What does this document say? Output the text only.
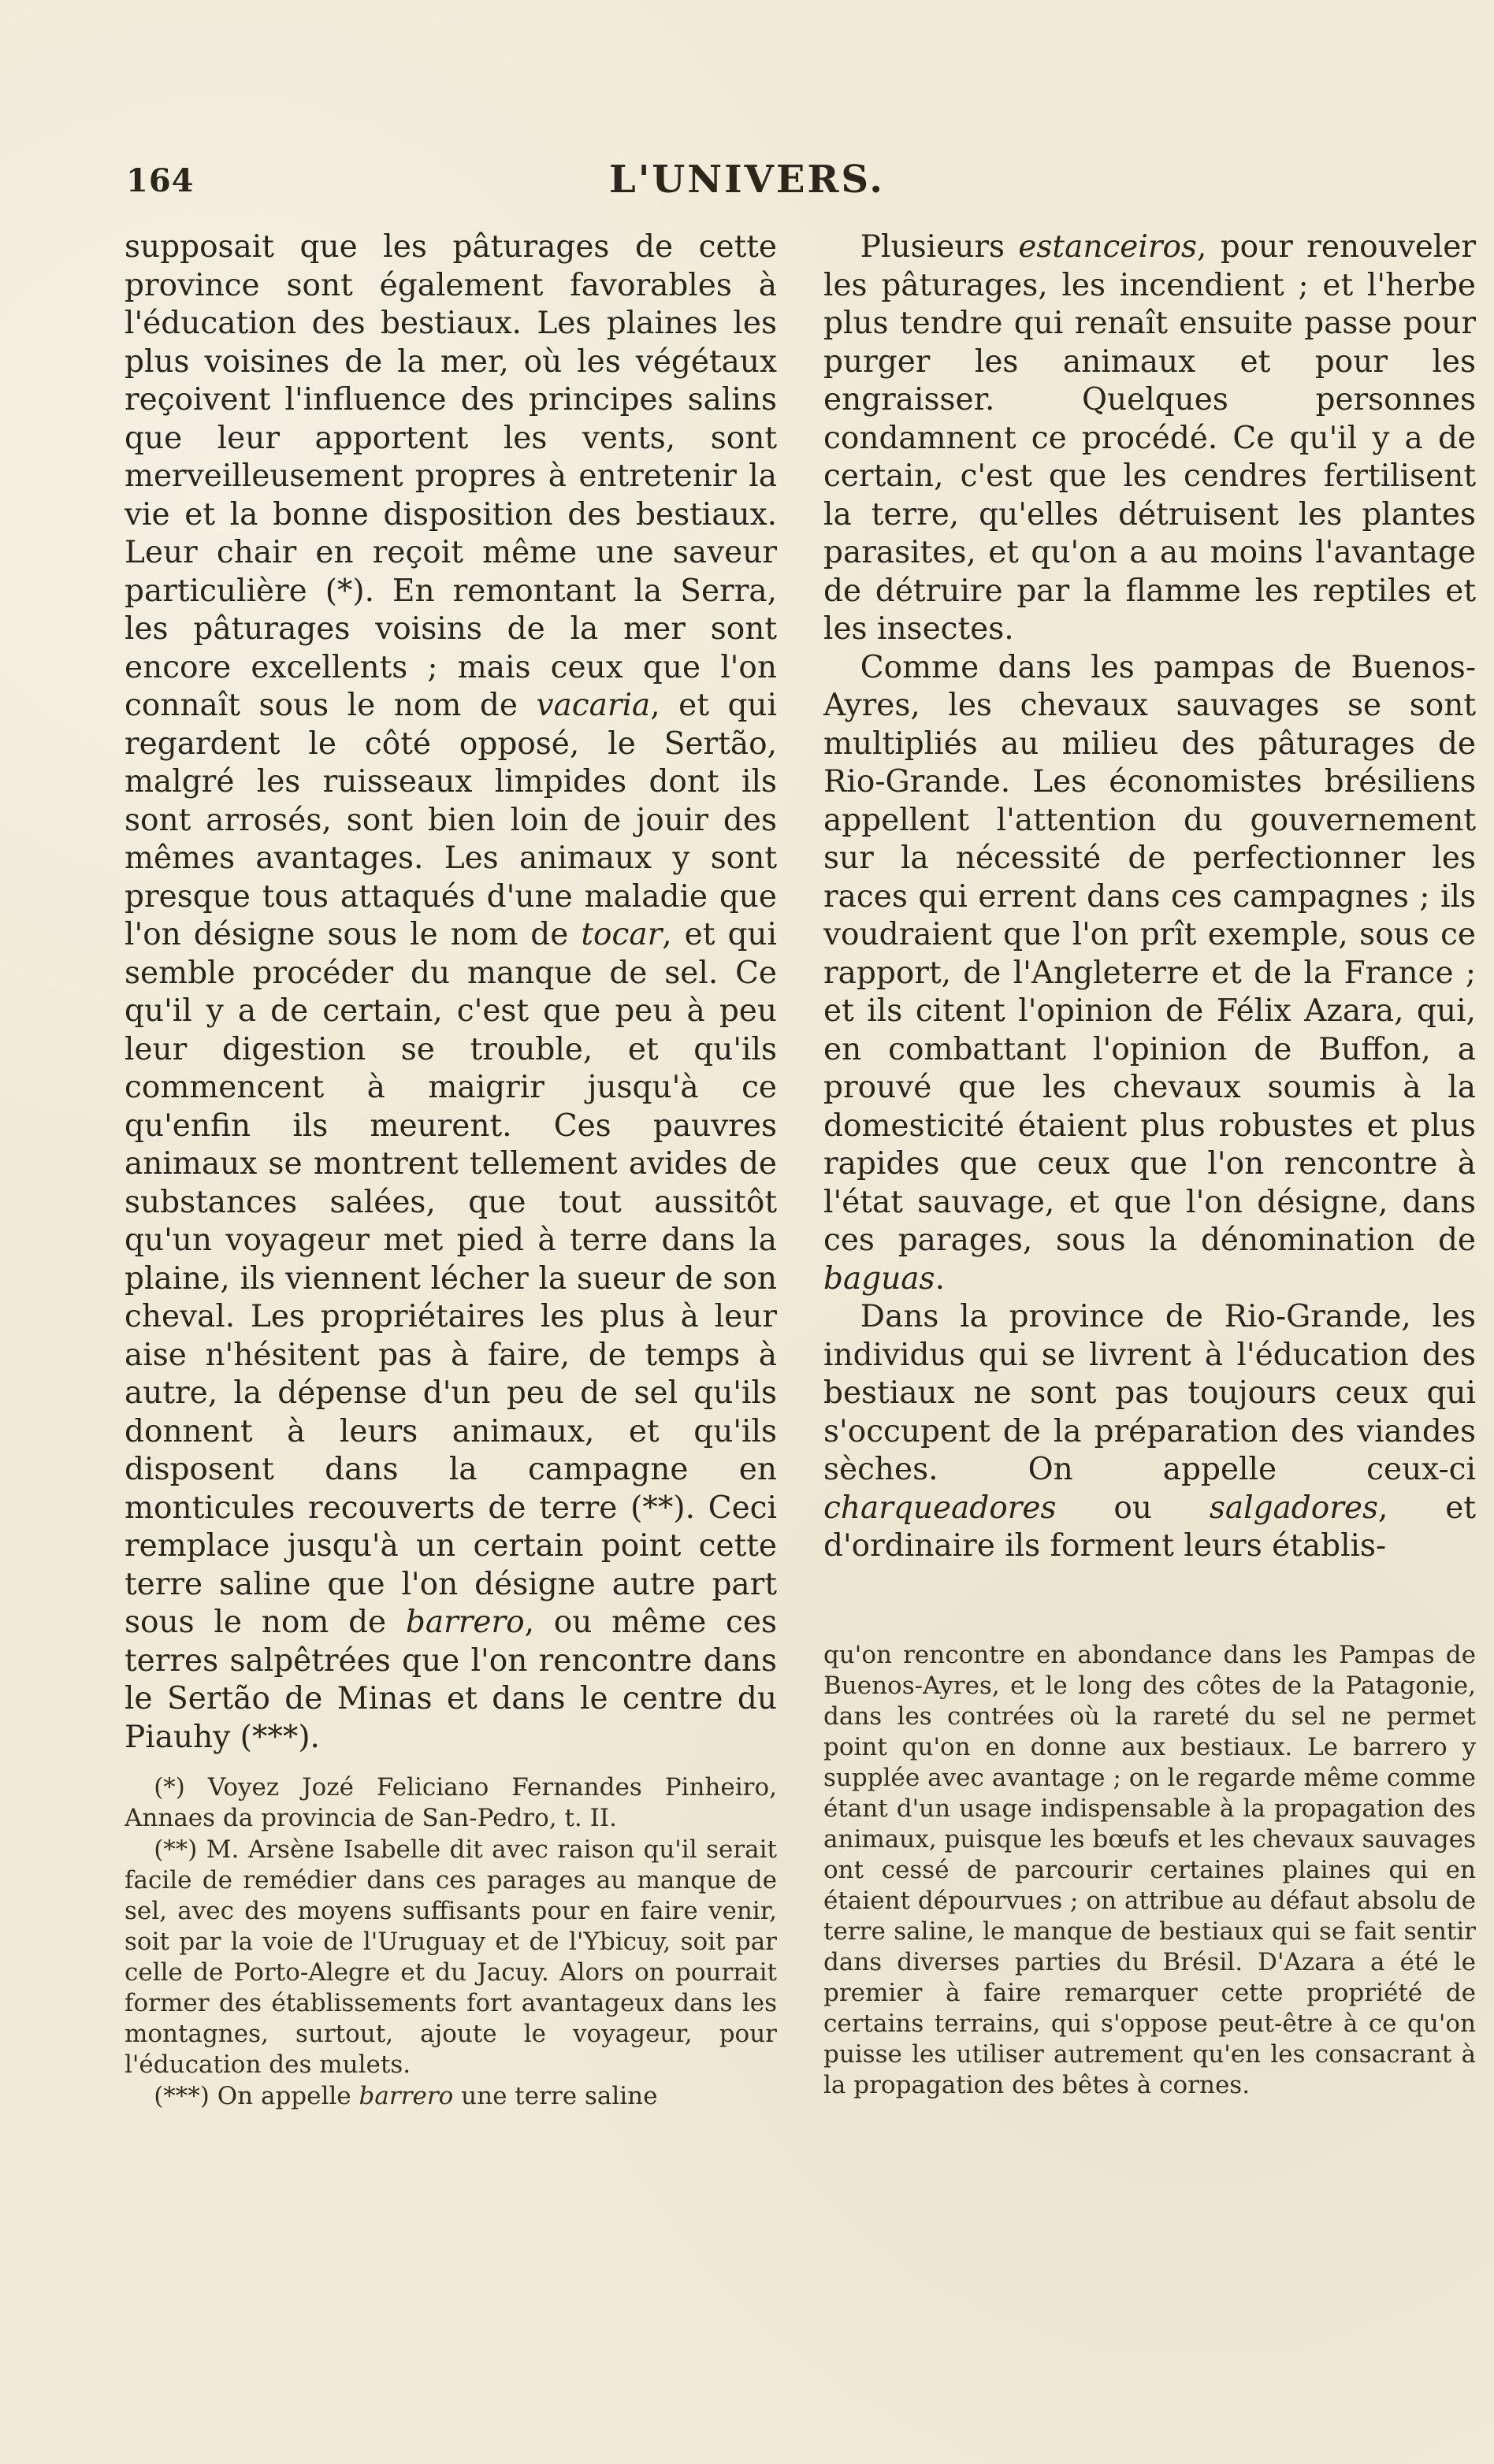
164	L'UNIVERS.

supposait que les pâturages de cette province sont également favorables à l'éducation des bestiaux. Les plaines les plus voisines de la mer, où les végétaux reçoivent l'influence des principes salins que leur apportent les vents, sont merveilleusement propres à entretenir la vie et la bonne disposition des bestiaux. Leur chair en reçoit même une saveur particulière (*). En remontant la Serra, les pâturages voisins de la mer sont encore excellents ; mais ceux que l'on connaît sous le nom de vacaria, et qui regardent le côté opposé, le Sertão, malgré les ruisseaux limpides dont ils sont arrosés, sont bien loin de jouir des mêmes avantages. Les animaux y sont presque tous attaqués d'une maladie que l'on désigne sous le nom de tocar, et qui semble procéder du manque de sel. Ce qu'il y a de certain, c'est que peu à peu leur digestion se trouble, et qu'ils commencent à maigrir jusqu'à ce qu'enfin ils meurent. Ces pauvres animaux se montrent tellement avides de substances salées, que tout aussitôt qu'un voyageur met pied à terre dans la plaine, ils viennent lécher la sueur de son cheval. Les propriétaires les plus à leur aise n'hésitent pas à faire, de temps à autre, la dépense d'un peu de sel qu'ils donnent à leurs animaux, et qu'ils disposent dans la campagne en monticules recouverts de terre (**). Ceci remplace jusqu'à un certain point cette terre saline que l'on désigne autre part sous le nom de barrero, ou même ces terres salpêtrées que l'on rencontre dans le Sertão de Minas et dans le centre du Piauhy (***).

(*) Voyez Jozé Feliciano Fernandes Pinheiro, Annaes da provincia de San-Pedro, t. II.

(**) M. Arsène Isabelle dit avec raison qu'il serait facile de remédier dans ces parages au manque de sel, avec des moyens suffisants pour en faire venir, soit par la voie de l'Uruguay et de l'Ybicuy, soit par celle de Porto-Alegre et du Jacuy. Alors on pourrait former des établissements fort avantageux dans les montagnes, surtout, ajoute le voyageur, pour l'éducation des mulets.

(***) On appelle barrero une terre saline

Plusieurs estanceiros, pour renouveler les pâturages, les incendient ; et l'herbe plus tendre qui renaît ensuite passe pour purger les animaux et pour les engraisser. Quelques personnes condamnent ce procédé. Ce qu'il y a de certain, c'est que les cendres fertilisent la terre, qu'elles détruisent les plantes parasites, et qu'on a au moins l'avantage de détruire par la flamme les reptiles et les insectes.

Comme dans les pampas de Buenos-Ayres, les chevaux sauvages se sont multipliés au milieu des pâturages de Rio-Grande. Les économistes brésiliens appellent l'attention du gouvernement sur la nécessité de perfectionner les races qui errent dans ces campagnes ; ils voudraient que l'on prît exemple, sous ce rapport, de l'Angleterre et de la France ; et ils citent l'opinion de Félix Azara, qui, en combattant l'opinion de Buffon, a prouvé que les chevaux soumis à la domesticité étaient plus robustes et plus rapides que ceux que l'on rencontre à l'état sauvage, et que l'on désigne, dans ces parages, sous la dénomination de baguas.

Dans la province de Rio-Grande, les individus qui se livrent à l'éducation des bestiaux ne sont pas toujours ceux qui s'occupent de la préparation des viandes sèches. On appelle ceux-ci charqueadores ou salgadores, et d'ordinaire ils forment leurs établis-

qu'on rencontre en abondance dans les Pampas de Buenos-Ayres, et le long des côtes de la Patagonie, dans les contrées où la rareté du sel ne permet point qu'on en donne aux bestiaux. Le barrero y supplée avec avantage ; on le regarde même comme étant d'un usage indispensable à la propagation des animaux, puisque les bœufs et les chevaux sauvages ont cessé de parcourir certaines plaines qui en étaient dépourvues ; on attribue au défaut absolu de terre saline, le manque de bestiaux qui se fait sentir dans diverses parties du Brésil. D'Azara a été le premier à faire remarquer cette propriété de certains terrains, qui s'oppose peut-être à ce qu'on puisse les utiliser autrement qu'en les consacrant à la propagation des bêtes à cornes.
